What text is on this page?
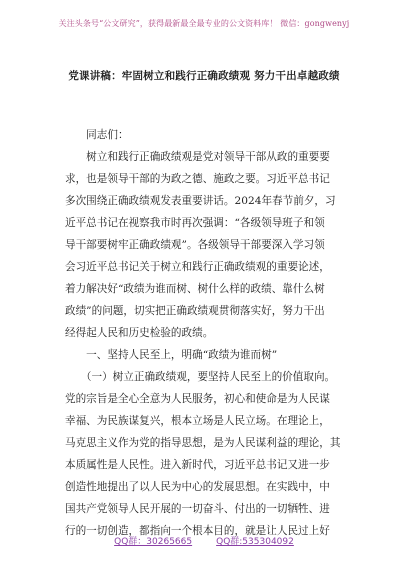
关注头条号“公文研究”，获得最新最全最专业的公文资料库！ 微信：gongwenyj
党课讲稿：牢固树立和践行正确政绩观 努力干出卓越政绩

　　同志们：

　　树立和践行正确政绩观是党对领导干部从政的重要要

求，也是领导干部的为政之德、施政之要。习近平总书记

多次围绕正确政绩观发表重要讲话。2024年春节前夕，习

近平总书记在视察我市时再次强调：“各级领导班子和领

导干部要树牢正确政绩观”。各级领导干部要深入学习领

会习近平总书记关于树立和践行正确政绩观的重要论述，

着力解决好“政绩为谁而树、树什么样的政绩、靠什么树

政绩”的问题，切实把正确政绩观贯彻落实好，努力干出

经得起人民和历史检验的政绩。

　　一、坚持人民至上，明确“政绩为谁而树”

　　（一）树立正确政绩观，要坚持人民至上的价值取向。

党的宗旨是全心全意为人民服务，初心和使命是为人民谋

幸福、为民族谋复兴，根本立场是人民立场。在理论上，

马克思主义作为党的指导思想，是为人民谋利益的理论，其

本质属性是人民性。进入新时代，习近平总书记又进一步

创造性地提出了以人民为中心的发展思想。在实践中，中

国共产党领导人民开展的一切奋斗、付出的一切牺牲、进

行的一切创造，都指向一个根本目的，就是让人民过上好

QQ群：30265665	QQ群:535304092
